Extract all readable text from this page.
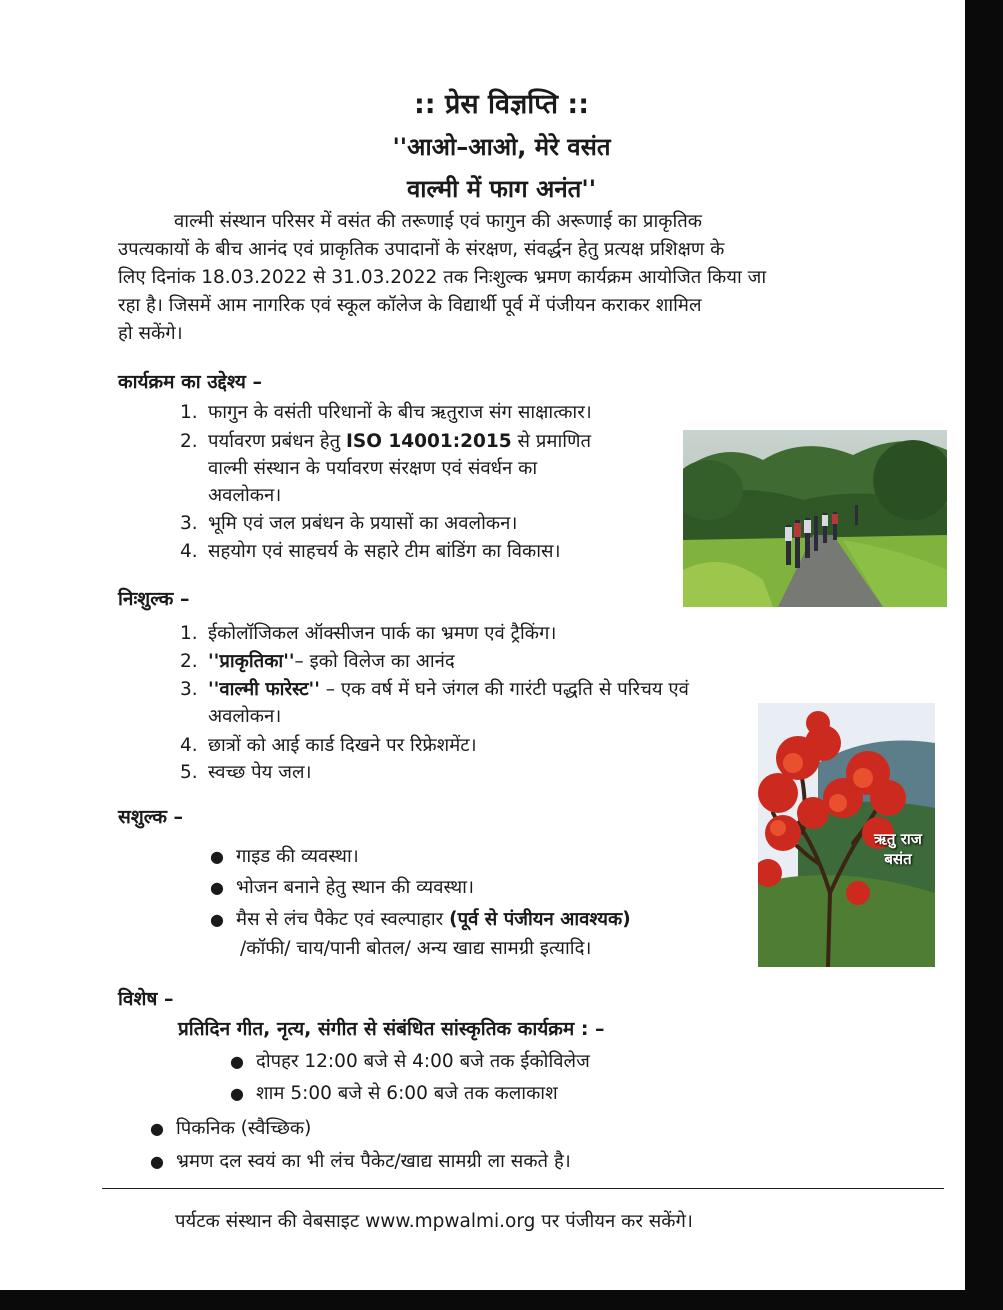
:: प्रेस विज्ञप्ति ::
''आओ–आओ, मेरे वसंत
वाल्मी में फाग अनंत''
वाल्मी संस्थान परिसर में वसंत की तरूणाई एवं फागुन की अरूणाई का प्राकृतिक
उपत्यकायों के बीच आनंद एवं प्राकृतिक उपादानों के संरक्षण, संवर्द्धन हेतु प्रत्यक्ष प्रशिक्षण के
लिए दिनांक 18.03.2022 से 31.03.2022 तक निःशुल्क भ्रमण कार्यक्रम आयोजित किया जा
रहा है। जिसमें आम नागरिक एवं स्कूल कॉलेज के विद्यार्थी पूर्व में पंजीयन कराकर शामिल
हो सकेंगे।
कार्यक्रम का उद्देश्य –
1. फागुन के वसंती परिधानों के बीच ऋतुराज संग साक्षात्कार।
2. पर्यावरण प्रबंधन हेतु ISO 14001:2015 से प्रमाणित
वाल्मी संस्थान के पर्यावरण संरक्षण एवं संवर्धन का
अवलोकन।
3. भूमि एवं जल प्रबंधन के प्रयासों का अवलोकन।
4. सहयोग एवं साहचर्य के सहारे टीम बांडिंग का विकास।
निःशुल्क –
1. ईकोलॉजिकल ऑक्सीजन पार्क का भ्रमण एवं ट्रैकिंग।
2. ''प्राकृतिका''– इको विलेज का आनंद
3. ''वाल्मी फारेस्ट'' – एक वर्ष में घने जंगल की गारंटी पद्धति से परिचय एवं
अवलोकन।
4. छात्रों को आई कार्ड दिखने पर रिफ्रेशमेंट।
5. स्वच्छ पेय जल।
ऋतु राज
बसंत
सशुल्क –
● गाइड की व्यवस्था।
● भोजन बनाने हेतु स्थान की व्यवस्था।
● मैस से लंच पैकेट एवं स्वल्पाहार (पूर्व से पंजीयन आवश्यक)
/कॉफी/ चाय/पानी बोतल/ अन्य खाद्य सामग्री इत्यादि।
विशेष –
प्रतिदिन गीत, नृत्य, संगीत से संबंधित सांस्कृतिक कार्यक्रम : –
● दोपहर 12:00 बजे से 4:00 बजे तक ईकोविलेज
● शाम 5:00 बजे से 6:00 बजे तक कलाकाश
● पिकनिक (स्वैच्छिक)
● भ्रमण दल स्वयं का भी लंच पैकेट/खाद्य सामग्री ला सकते है।
पर्यटक संस्थान की वेबसाइट www.mpwalmi.org पर पंजीयन कर सकेंगे।
